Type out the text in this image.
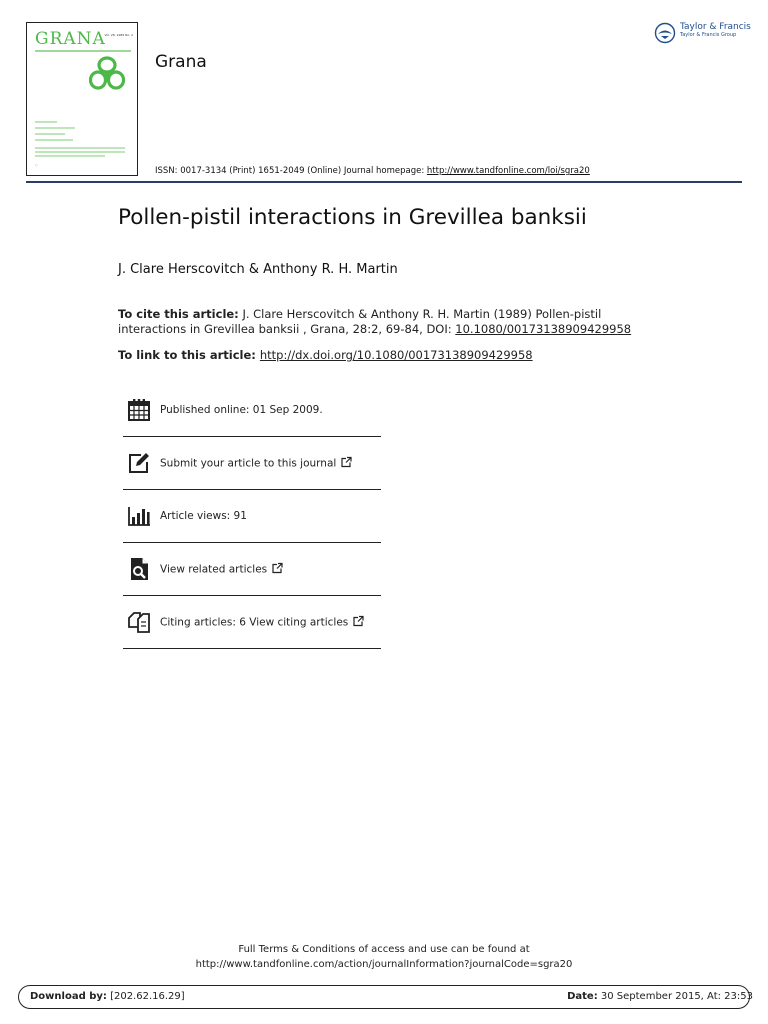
GRANA
Vol. 28, 1989 No. 2
○
Grana
Taylor & Francis
Taylor & Francis Group
ISSN: 0017-3134 (Print) 1651-2049 (Online) Journal homepage: http://www.tandfonline.com/loi/sgra20
Pollen-pistil interactions in Grevillea banksii
J. Clare Herscovitch & Anthony R. H. Martin
To cite this article: J. Clare Herscovitch & Anthony R. H. Martin (1989) Pollen-pistil interactions in Grevillea banksii , Grana, 28:2, 69-84, DOI: 10.1080/00173138909429958
To link to this article: http://dx.doi.org/10.1080/00173138909429958
Published online: 01 Sep 2009.
Submit your article to this journal
Article views: 91
View related articles
Citing articles: 6 View citing articles
Full Terms & Conditions of access and use can be found at
http://www.tandfonline.com/action/journalInformation?journalCode=sgra20
Download by: [202.62.16.29]	Date: 30 September 2015, At: 23:53
